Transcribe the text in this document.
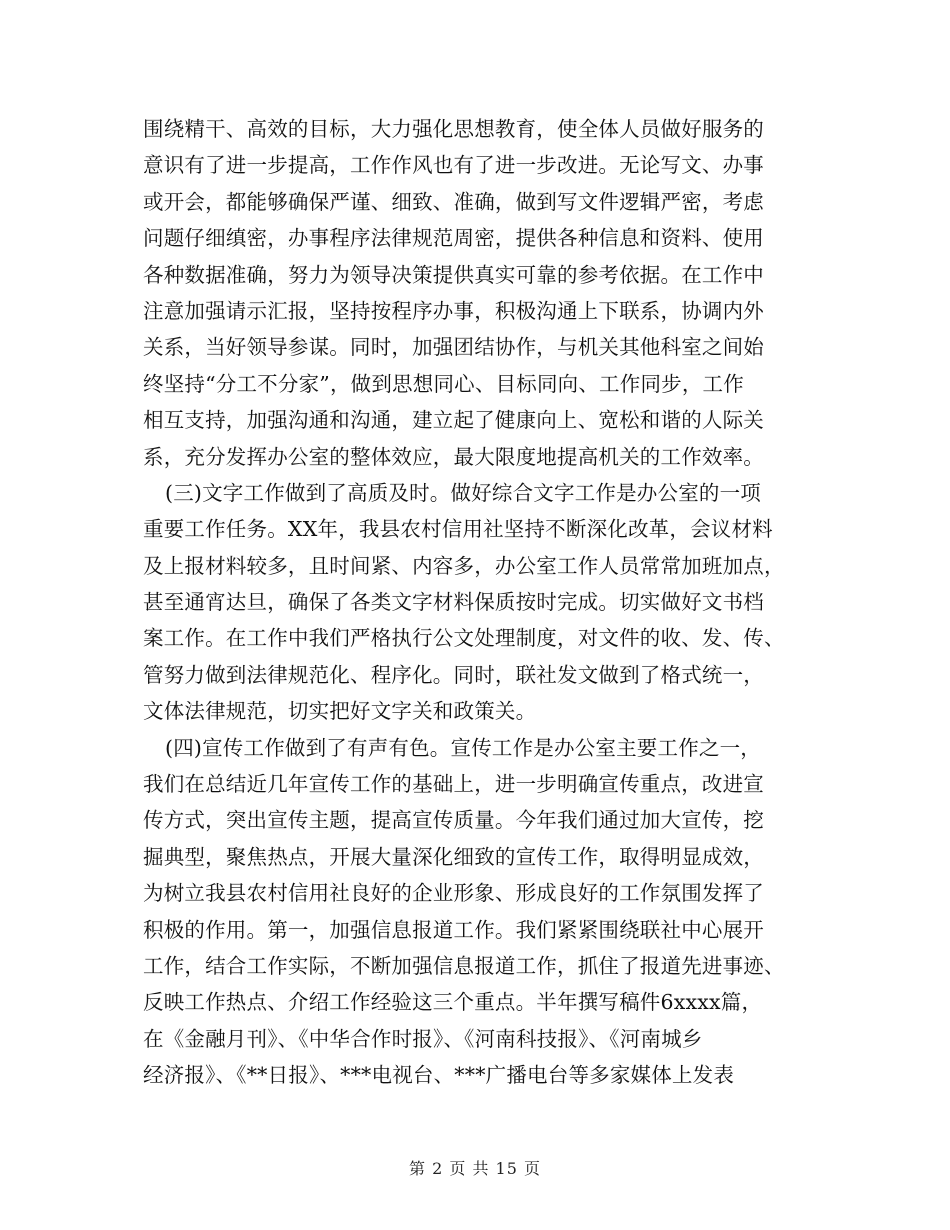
围绕精干、高效的目标，大力强化思想教育，使全体人员做好服务的
意识有了进一步提高，工作作风也有了进一步改进。无论写文、办事
或开会，都能够确保严谨、细致、准确，做到写文件逻辑严密，考虑
问题仔细缜密，办事程序法律规范周密，提供各种信息和资料、使用
各种数据准确，努力为领导决策提供真实可靠的参考依据。在工作中
注意加强请示汇报，坚持按程序办事，积极沟通上下联系，协调内外
关系，当好领导参谋。同时，加强团结协作，与机关其他科室之间始
终坚持“分工不分家”，做到思想同心、目标同向、工作同步，工作
相互支持，加强沟通和沟通，建立起了健康向上、宽松和谐的人际关
系，充分发挥办公室的整体效应，最大限度地提高机关的工作效率。
(三)文字工作做到了高质及时。做好综合文字工作是办公室的一项
重要工作任务。XX年，我县农村信用社坚持不断深化改革，会议材料
及上报材料较多，且时间紧、内容多，办公室工作人员常常加班加点，
甚至通宵达旦，确保了各类文字材料保质按时完成。切实做好文书档
案工作。在工作中我们严格执行公文处理制度，对文件的收、发、传、
管努力做到法律规范化、程序化。同时，联社发文做到了格式统一，
文体法律规范，切实把好文字关和政策关。
(四)宣传工作做到了有声有色。宣传工作是办公室主要工作之一，
我们在总结近几年宣传工作的基础上，进一步明确宣传重点，改进宣
传方式，突出宣传主题，提高宣传质量。今年我们通过加大宣传，挖
掘典型，聚焦热点，开展大量深化细致的宣传工作，取得明显成效，
为树立我县农村信用社良好的企业形象、形成良好的工作氛围发挥了
积极的作用。第一，加强信息报道工作。我们紧紧围绕联社中心展开
工作，结合工作实际，不断加强信息报道工作，抓住了报道先进事迹、
反映工作热点、介绍工作经验这三个重点。半年撰写稿件6xxxx篇，
在《金融月刊》、《中华合作时报》、《河南科技报》、《河南城乡
经济报》、《**日报》、***电视台、***广播电台等多家媒体上发表
第 2 页 共 15 页
